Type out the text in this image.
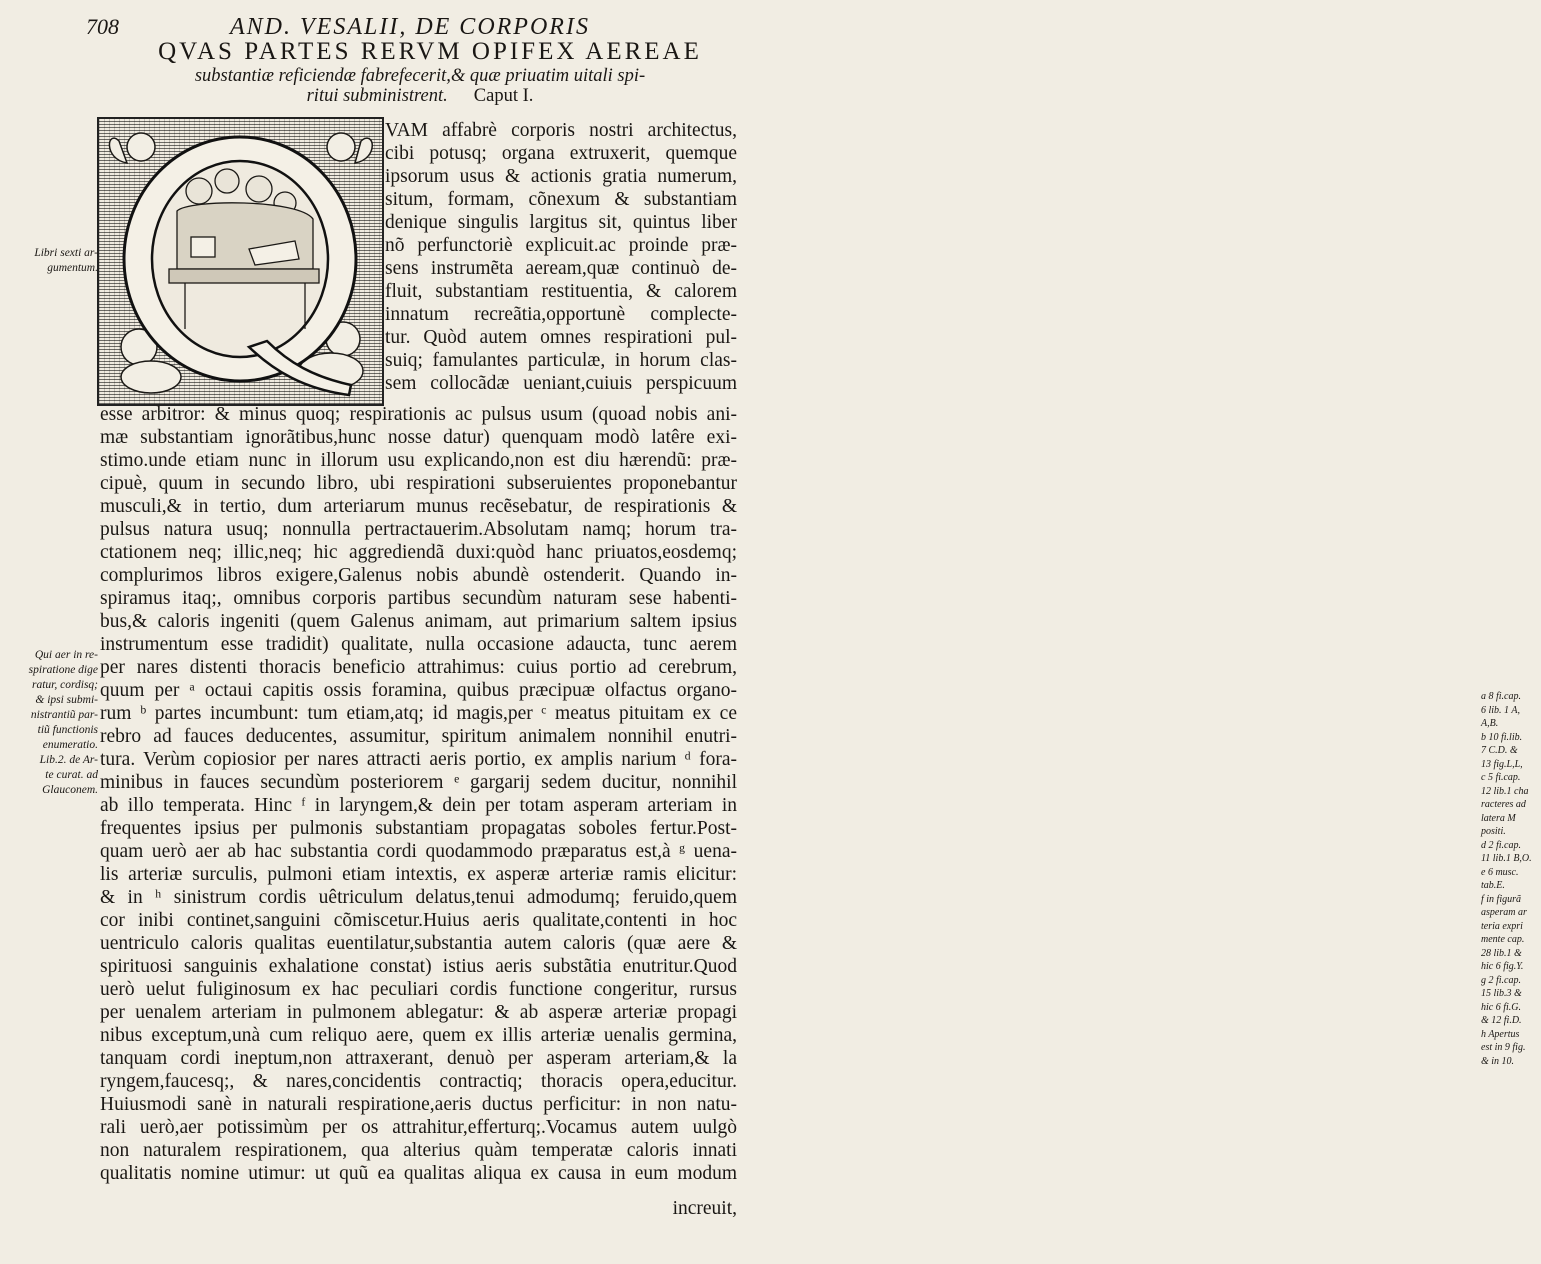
708	AND. VESALII, DE CORPORIS
QVAS PARTES RERVM OPIFEX AEREAE
substantiæ reficiendæ fabrefecerit,& quæ priuatim uitali spi-
ritui subministrent. Caput I.
VAM affabrè corporis nostri architectus,
cibi potusq; organa extruxerit, quemque
ipsorum usus & actionis gratia numerum,
situm, formam, cõnexum & substantiam
denique singulis largitus sit, quintus liber
nõ perfunctoriè explicuit.ac proinde præ-
sens instrumẽta aeream,quæ continuò de-
fluit, substantiam restituentia, & calorem
innatum recreãtia,opportunè complecte-
tur. Quòd autem omnes respirationi pul-
suiq; famulantes particulæ, in horum clas-
sem collocãdæ ueniant,cuiuis perspicuum
esse arbitror: & minus quoq; respirationis ac pulsus usum (quoad nobis ani-
mæ substantiam ignorãtibus,hunc nosse datur) quenquam modò latêre exi-
stimo.unde etiam nunc in illorum usu explicando,non est diu hærendũ: præ-
cipuè, quum in secundo libro, ubi respirationi subseruientes proponebantur
musculi,& in tertio, dum arteriarum munus recẽsebatur, de respirationis &
pulsus natura usuq; nonnulla pertractauerim.Absolutam namq; horum tra-
ctationem neq; illic,neq; hic aggrediendã duxi:quòd hanc priuatos,eosdemq;
complurimos libros exigere,Galenus nobis abundè ostenderit. Quando in-
spiramus itaq;, omnibus corporis partibus secundùm naturam sese habenti-
bus,& caloris ingeniti (quem Galenus animam, aut primarium saltem ipsius
instrumentum esse tradidit) qualitate, nulla occasione adaucta, tunc aerem
per nares distenti thoracis beneficio attrahimus: cuius portio ad cerebrum,
quum per ᵃ octaui capitis ossis foramina, quibus præcipuæ olfactus organo-
rum ᵇ partes incumbunt: tum etiam,atq; id magis,per ᶜ meatus pituitam ex ce
rebro ad fauces deducentes, assumitur, spiritum animalem nonnihil enutri-
tura. Verùm copiosior per nares attracti aeris portio, ex amplis narium ᵈ fora-
minibus in fauces secundùm posteriorem ᵉ gargarij sedem ducitur, nonnihil
ab illo temperata. Hinc ᶠ in laryngem,& dein per totam asperam arteriam in
frequentes ipsius per pulmonis substantiam propagatas soboles fertur.Post-
quam uerò aer ab hac substantia cordi quodammodo præparatus est,à ᵍ uena-
lis arteriæ surculis, pulmoni etiam intextis, ex asperæ arteriæ ramis elicitur:
& in ʰ sinistrum cordis uêtriculum delatus,tenui admodumq; feruido,quem
cor inibi continet,sanguini cõmiscetur.Huius aeris qualitate,contenti in hoc
uentriculo caloris qualitas euentilatur,substantia autem caloris (quæ aere &
spirituosi sanguinis exhalatione constat) istius aeris substãtia enutritur.Quod
uerò uelut fuliginosum ex hac peculiari cordis functione congeritur, rursus
per uenalem arteriam in pulmonem ablegatur: & ab asperæ arteriæ propagi
nibus exceptum,unà cum reliquo aere, quem ex illis arteriæ uenalis germina,
tanquam cordi ineptum,non attraxerant, denuò per asperam arteriam,& la
ryngem,faucesq;, & nares,concidentis contractiq; thoracis opera,educitur.
Huiusmodi sanè in naturali respiratione,aeris ductus perficitur: in non natu-
rali uerò,aer potissimùm per os attrahitur,efferturq;.Vocamus autem uulgò
non naturalem respirationem, qua alterius quàm temperatæ caloris innati
qualitatis nomine utimur: ut quũ ea qualitas aliqua ex causa in eum modum
increuit,
Libri sexti ar-
gumentum.
Qui aer in re-
spiratione dige
ratur, cordisq;
& ipsi submi-
nistrantiũ par-
tiũ functionis
enumeratio.
Lib.2. de Ar-
te curat. ad
Glauconem.
a 8 fi.cap.
6 lib. 1 A,
A,B.
b 10 fi.lib.
7 C.D. &
13 fig.L,L,
c 5 fi.cap.
12 lib.1 cha
racteres ad
latera M
positi.
d 2 fi.cap.
11 lib.1 B,O.
e 6 musc.
tab.E.
f in figurã
asperam ar
teria expri
mente cap.
28 lib.1 &
hic 6 fig.Y.
g 2 fi.cap.
15 lib.3 &
hic 6 fi.G.
& 12 fi.D.
h Apertus
est in 9 fig.
& in 10.
